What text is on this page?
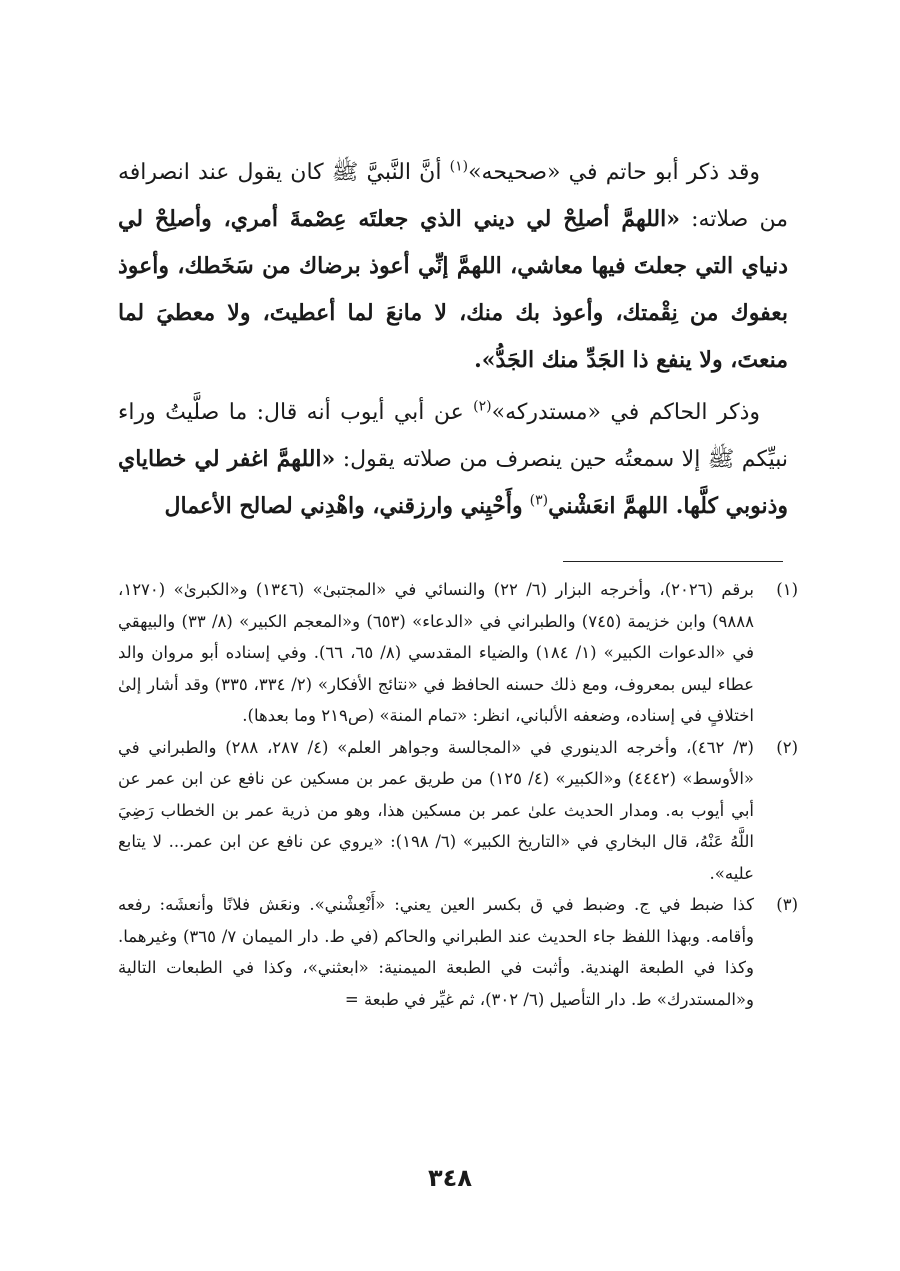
وقد ذكر أبو حاتم في «صحيحه»$^{(١)}$ أنَّ النَّبيَّ ﷺ كان يقول عند انصرافه من صلاته: «اللهمَّ أصلِحْ لي ديني الذي جعلتَه عِصْمةَ أمري، وأصلِحْ لي دنياي التي جعلتَ فيها معاشي، اللهمَّ إنِّي أعوذ برضاك من سَخَطك، وأعوذ بعفوك من نِقْمتك، وأعوذ بك منك، لا مانعَ لما أعطيتَ، ولا معطيَ لما منعتَ، ولا ينفع ذا الجَدِّ منك الجَدُّ».

وذكر الحاكم في «مستدركه»$^{(٢)}$ عن أبي أيوب أنه قال: ما صلَّيتُ وراء نبيِّكم ﷺ إلا سمعتُه حين ينصرف من صلاته يقول: «اللهمَّ اغفر لي خطاياي وذنوبي كلَّها. اللهمَّ انعَشْني$^{(٣)}$ وأَحْيِني وارزقني، واهْدِني لصالح الأعمال

(١)
برقم (٢٠٢٦)، وأخرجه البزار (٦/ ٢٢) والنسائي في «المجتبىٰ» (١٣٤٦) و«الكبرىٰ» (١٢٧٠، ٩٨٨٨) وابن خزيمة (٧٤٥) والطبراني في «الدعاء» (٦٥٣) و«المعجم الكبير» (٨/ ٣٣) والبيهقي في «الدعوات الكبير» (١/ ١٨٤) والضياء المقدسي (٨/ ٦٥، ٦٦). وفي إسناده أبو مروان والد عطاء ليس بمعروف، ومع ذلك حسنه الحافظ في «نتائج الأفكار» (٢/ ٣٣٤، ٣٣٥) وقد أشار إلىٰ اختلافٍ في إسناده، وضعفه الألباني، انظر: «تمام المنة» (ص٢١٩ وما بعدها).
(٢)
(٣/ ٤٦٢)، وأخرجه الدينوري في «المجالسة وجواهر العلم» (٤/ ٢٨٧، ٢٨٨) والطبراني في «الأوسط» (٤٤٤٢) و«الكبير» (٤/ ١٢٥) من طريق عمر بن مسكين عن نافع عن ابن عمر عن أبي أيوب به. ومدار الحديث علىٰ عمر بن مسكين هذا، وهو من ذرية عمر بن الخطاب رَضِيَ اللَّهُ عَنْهُ، قال البخاري في «التاريخ الكبير» (٦/ ١٩٨): «يروي عن نافع عن ابن عمر... لا يتابع عليه».
(٣)
كذا ضبط في ج. وضبط في ق بكسر العين يعني: «أَنْعِشْني». ونعَش فلانًا وأنعشَه: رفعه وأقامه. وبهذا اللفظ جاء الحديث عند الطبراني والحاكم (في ط. دار الميمان ٧/ ٣٦٥) وغيرهما. وكذا في الطبعة الهندية. وأثبت في الطبعة الميمنية: «ابعثني»، وكذا في الطبعات التالية و«المستدرك» ط. دار التأصيل (٦/ ٣٠٢)، ثم غيِّر في طبعة =
٣٤٨
